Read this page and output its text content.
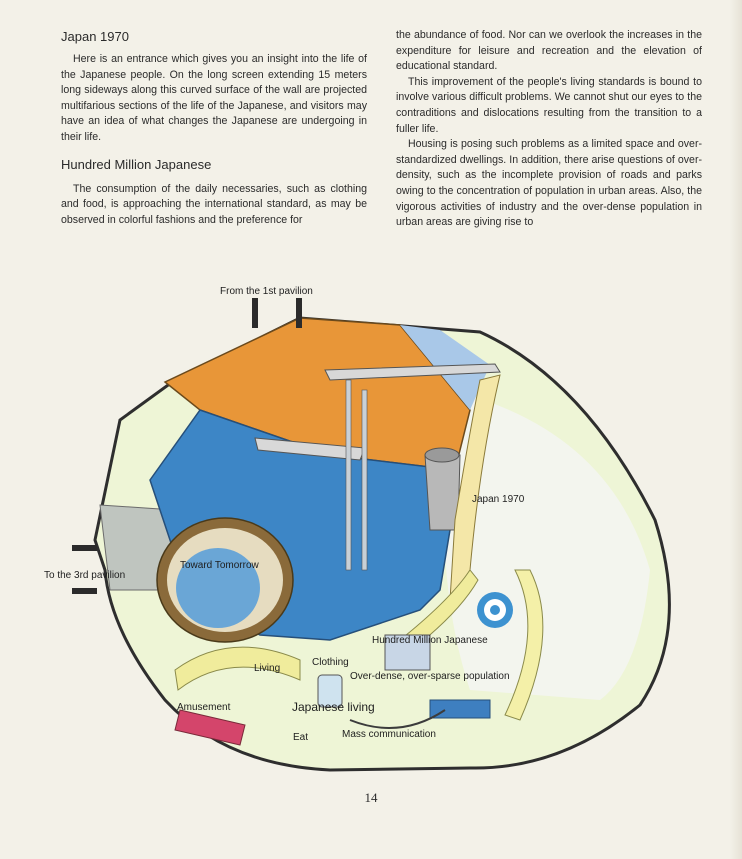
Japan 1970

Here is an entrance which gives you an insight into the life of the Japanese people. On the long screen extending 15 meters long sideways along this curved surface of the wall are projected multifarious sections of the life of the Japanese, and visitors may have an idea of what changes the Japanese are undergoing in their life.

Hundred Million Japanese

The consumption of the daily necessaries, such as clothing and food, is approaching the international standard, as may be observed in colorful fashions and the preference for

the abundance of food. Nor can we overlook the increases in the expenditure for leisure and recreation and the elevation of educational standard.

This improvement of the people's living standards is bound to involve various difficult problems. We cannot shut our eyes to the contraditions and dislocations resulting from the transition to a fuller life.

Housing is posing such problems as a limited space and over-standardized dwellings. In addition, there arise questions of over-density, such as the incomplete provision of roads and parks owing to the concentration of population in urban areas. Also, the vigorous activities of industry and the over-dense population in urban areas are giving rise to

From the 1st pavilion
To the 3rd pavilion
Toward Tomorrow
Japan 1970
Hundred Million Japanese
Living
Clothing
Over-dense, over-sparse population
Japanese living
Amusement
Eat	Mass communication
14
